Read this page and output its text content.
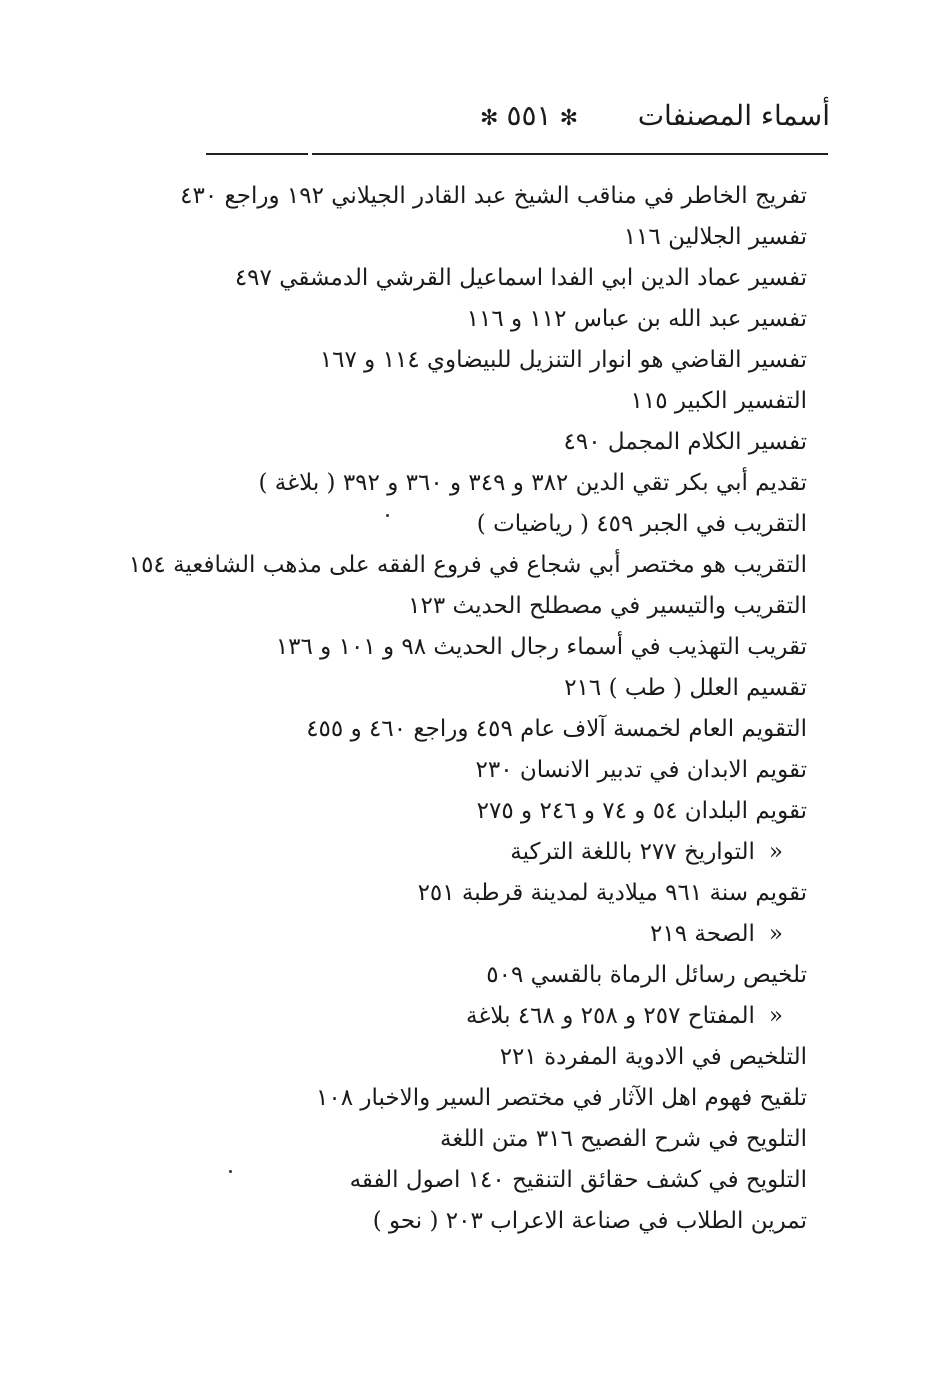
أسماء المصنفات
✻٥٥١✻
تفريج الخاطر في مناقب الشيخ عبد القادر الجيلاني ١٩٢ وراجع ٤٣٠
تفسير الجلالين ١١٦
تفسير عماد الدين ابي الفدا اسماعيل القرشي الدمشقي ٤٩٧
تفسير عبد الله بن عباس ١١٢ و ١١٦
تفسير القاضي هو انوار التنزيل للبيضاوي ١١٤ و ١٦٧
التفسير الكبير ١١٥
تفسير الكلام المجمل ٤٩٠
تقديم أبي بكر تقي الدين ٣٨٢ و ٣٤٩ و ٣٦٠ و ٣٩٢ ( بلاغة )
التقريب في الجبر ٤٥٩ ( رياضيات )
التقريب هو مختصر أبي شجاع في فروع الفقه على مذهب الشافعية ١٥٤
التقريب والتيسير في مصطلح الحديث ١٢٣
تقريب التهذيب في أسماء رجال الحديث ٩٨ و ١٠١ و ١٣٦
تقسيم العلل ( طب ) ٢١٦
التقويم العام لخمسة آلاف عام ٤٥٩ وراجع ٤٦٠ و ٤٥٥
تقويم الابدان في تدبير الانسان ٢٣٠
تقويم البلدان ٥٤ و ٧٤ و ٢٤٦ و ٢٧٥
«التواريخ ٢٧٧ باللغة التركية
تقويم سنة ٩٦١ ميلادية لمدينة قرطبة ٢٥١
«الصحة ٢١٩
تلخيص رسائل الرماة بالقسي ٥٠٩
«المفتاح ٢٥٧ و ٢٥٨ و ٤٦٨ بلاغة
التلخيص في الادوية المفردة ٢٢١
تلقيح فهوم اهل الآثار في مختصر السير والاخبار ١٠٨
التلويح في شرح الفصيح ٣١٦ متن اللغة
التلويح في كشف حقائق التنقيح ١٤٠ اصول الفقه
تمرين الطلاب في صناعة الاعراب ٢٠٣ ( نحو )
